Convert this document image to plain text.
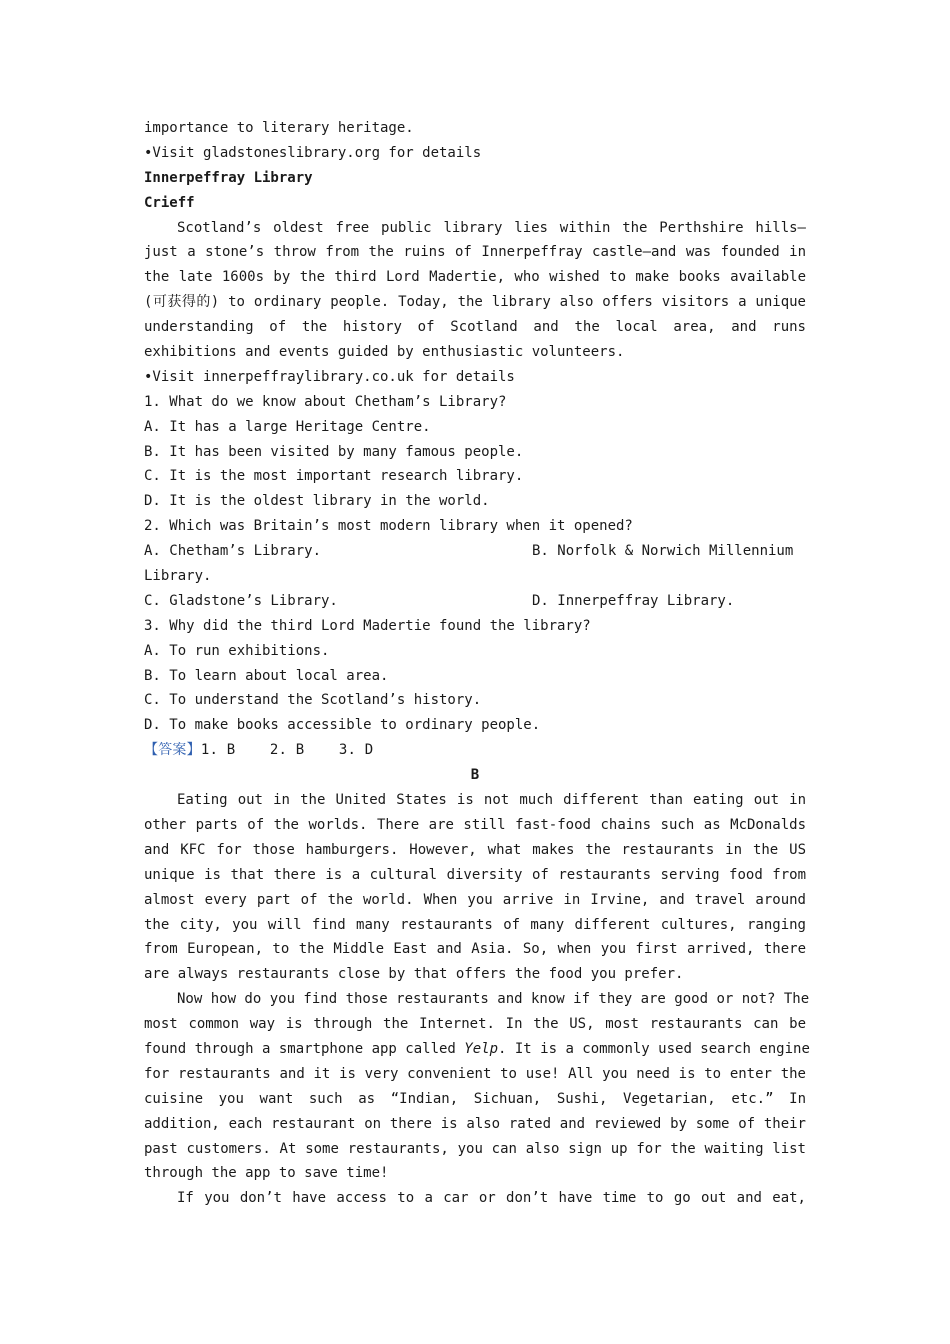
importance to literary heritage.
•Visit gladstoneslibrary.org for details
Innerpeffray Library
Crieff
Scotland’s oldest free public library lies within the Perthshire hills—
just a stone’s throw from the ruins of Innerpeffray castle—and was founded in
the late 1600s by the third Lord Madertie, who wished to make books available
(可获得的) to ordinary people. Today, the library also offers visitors a unique
understanding of the history of Scotland and the local area, and runs
exhibitions and events guided by enthusiastic volunteers.
•Visit innerpeffraylibrary.co.uk for details
1. What do we know about Chetham’s Library?
A. It has a large Heritage Centre.
B. It has been visited by many famous people.
C. It is the most important research library.
D. It is the oldest library in the world.
2. Which was Britain’s most modern library when it opened?
A. Chetham’s Library.	B. Norfolk & Norwich Millennium
Library.
C. Gladstone’s Library.	D. Innerpeffray Library.
3. Why did the third Lord Madertie found the library?
A. To run exhibitions.
B. To learn about local area.
C. To understand the Scotland’s history.
D. To make books accessible to ordinary people.
【答案】1. B    2. B    3. D
B
Eating out in the United States is not much different than eating out in
other parts of the worlds. There are still fast-food chains such as McDonalds
and KFC for those hamburgers. However, what makes the restaurants in the US
unique is that there is a cultural diversity of restaurants serving food from
almost every part of the world. When you arrive in Irvine, and travel around
the city, you will find many restaurants of many different cultures, ranging
from European, to the Middle East and Asia. So, when you first arrived, there
are always restaurants close by that offers the food you prefer.
Now how do you find those restaurants and know if they are good or not? The
most common way is through the Internet. In the US, most restaurants can be
found through a smartphone app called Yelp. It is a commonly used search engine
for restaurants and it is very convenient to use! All you need is to enter the
cuisine you want such as “Indian, Sichuan, Sushi, Vegetarian, etc.” In
addition, each restaurant on there is also rated and reviewed by some of their
past customers. At some restaurants, you can also sign up for the waiting list
through the app to save time!
If you don’t have access to a car or don’t have time to go out and eat,
